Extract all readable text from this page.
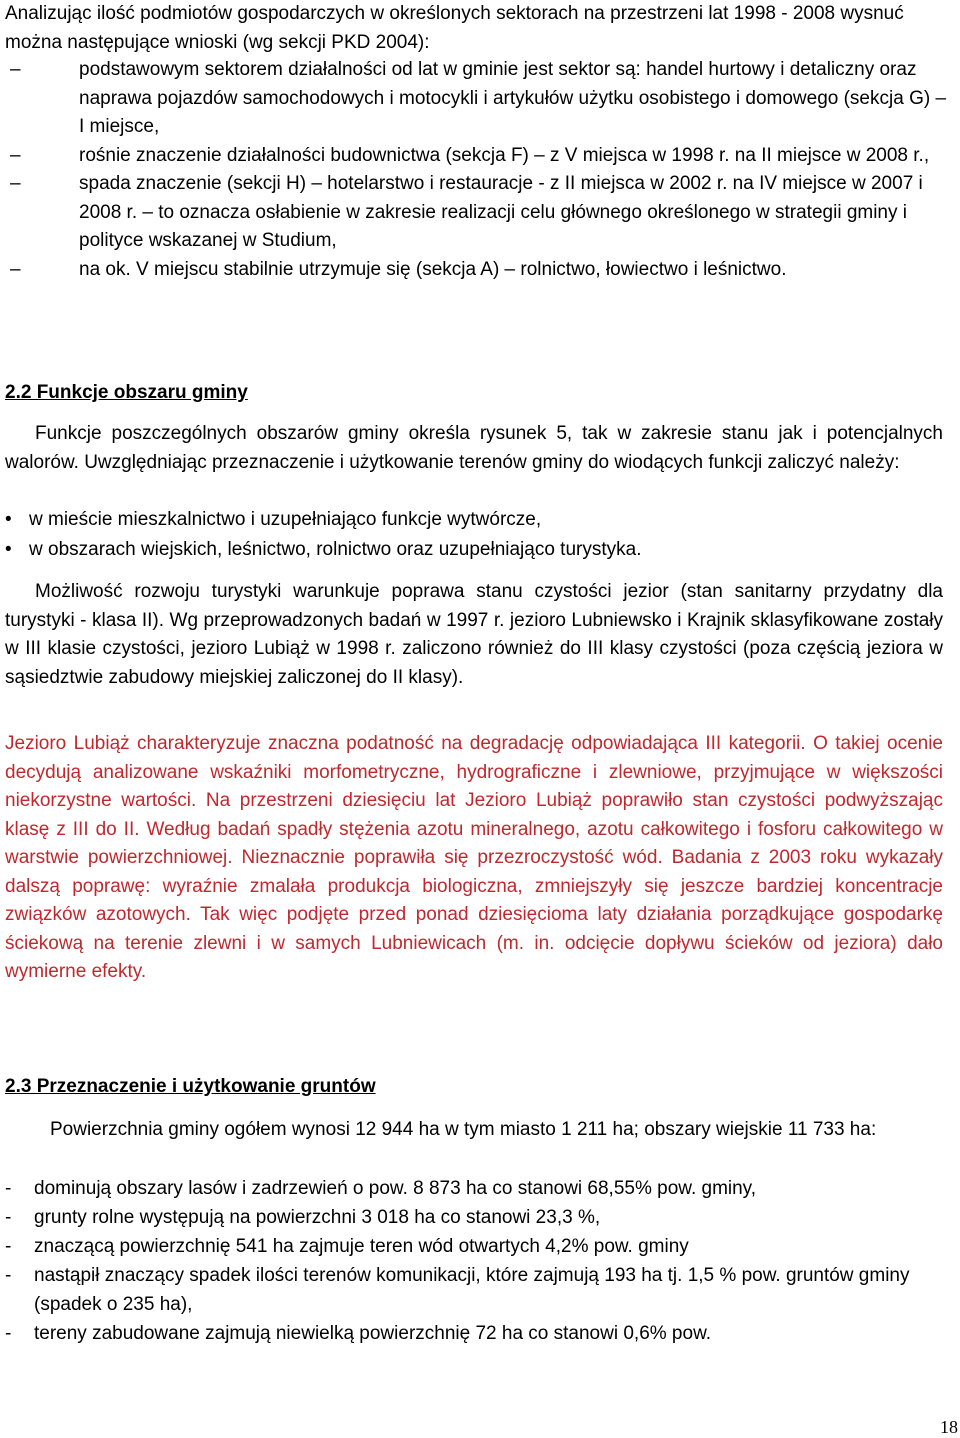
Analizując ilość podmiotów gospodarczych w określonych sektorach na przestrzeni lat 1998 - 2008 wysnuć można następujące wnioski (wg sekcji PKD 2004):

–	podstawowym sektorem działalności od lat w gminie jest sektor są: handel hurtowy i detaliczny oraz naprawa pojazdów samochodowych i motocykli i artykułów użytku osobistego i domowego (sekcja G) – I miejsce,
–	rośnie znaczenie działalności budownictwa (sekcja F) – z V miejsca w 1998 r. na II miejsce w 2008 r.,
–	spada znaczenie (sekcji H) – hotelarstwo i restauracje - z II miejsca w 2002 r. na IV miejsce w 2007 i 2008 r. – to oznacza osłabienie w zakresie realizacji celu głównego określonego w strategii gminy i polityce wskazanej w Studium,
–	na ok. V miejscu stabilnie utrzymuje się (sekcja A) – rolnictwo, łowiectwo i leśnictwo.
2.2 Funkcje obszaru gminy

Funkcje poszczególnych obszarów gminy określa rysunek 5, tak w zakresie stanu jak i potencjalnych walorów. Uwzględniając przeznaczenie i użytkowanie terenów gminy do wiodących funkcji zaliczyć należy:

• w mieście mieszkalnictwo i uzupełniająco funkcje wytwórcze,
• w obszarach wiejskich, leśnictwo, rolnictwo oraz uzupełniająco turystyka.

Możliwość rozwoju turystyki warunkuje poprawa stanu czystości jezior (stan sanitarny przydatny dla turystyki - klasa II). Wg przeprowadzonych badań w 1997 r. jezioro Lubniewsko i Krajnik sklasyfikowane zostały w III klasie czystości, jezioro Lubiąż w 1998 r. zaliczono również do III klasy czystości (poza częścią jeziora w sąsiedztwie zabudowy miejskiej zaliczonej do II klasy).

Jezioro Lubiąż charakteryzuje znaczna podatność na degradację odpowiadająca III kategorii. O takiej ocenie decydują analizowane wskaźniki morfometryczne, hydrograficzne i zlewniowe, przyjmujące w większości niekorzystne wartości. Na przestrzeni dziesięciu lat Jezioro Lubiąż poprawiło stan czystości podwyższając klasę z III do II. Według badań spadły stężenia azotu mineralnego, azotu całkowitego i fosforu całkowitego w warstwie powierzchniowej. Nieznacznie poprawiła się przezroczystość wód. Badania z 2003 roku wykazały dalszą poprawę: wyraźnie zmalała produkcja biologiczna, zmniejszyły się jeszcze bardziej koncentracje związków azotowych. Tak więc podjęte przed ponad dziesięcioma laty działania porządkujące gospodarkę ściekową na terenie zlewni i w samych Lubniewicach (m. in. odcięcie dopływu ścieków od jeziora) dało wymierne efekty.

2.3 Przeznaczenie i użytkowanie gruntów

Powierzchnia gminy ogółem wynosi 12 944 ha w tym miasto 1 211 ha; obszary wiejskie 11 733 ha:

- dominują obszary lasów i zadrzewień o pow. 8 873 ha co stanowi 68,55% pow. gminy,
- grunty rolne występują na powierzchni 3 018 ha co stanowi 23,3 %,
- znaczącą powierzchnię 541 ha zajmuje teren wód otwartych 4,2% pow. gminy
- nastąpił znaczący spadek ilości terenów komunikacji, które zajmują 193 ha tj. 1,5 % pow. gruntów gminy (spadek o 235 ha),
- tereny zabudowane zajmują niewielką powierzchnię 72 ha co stanowi 0,6% pow.
18
